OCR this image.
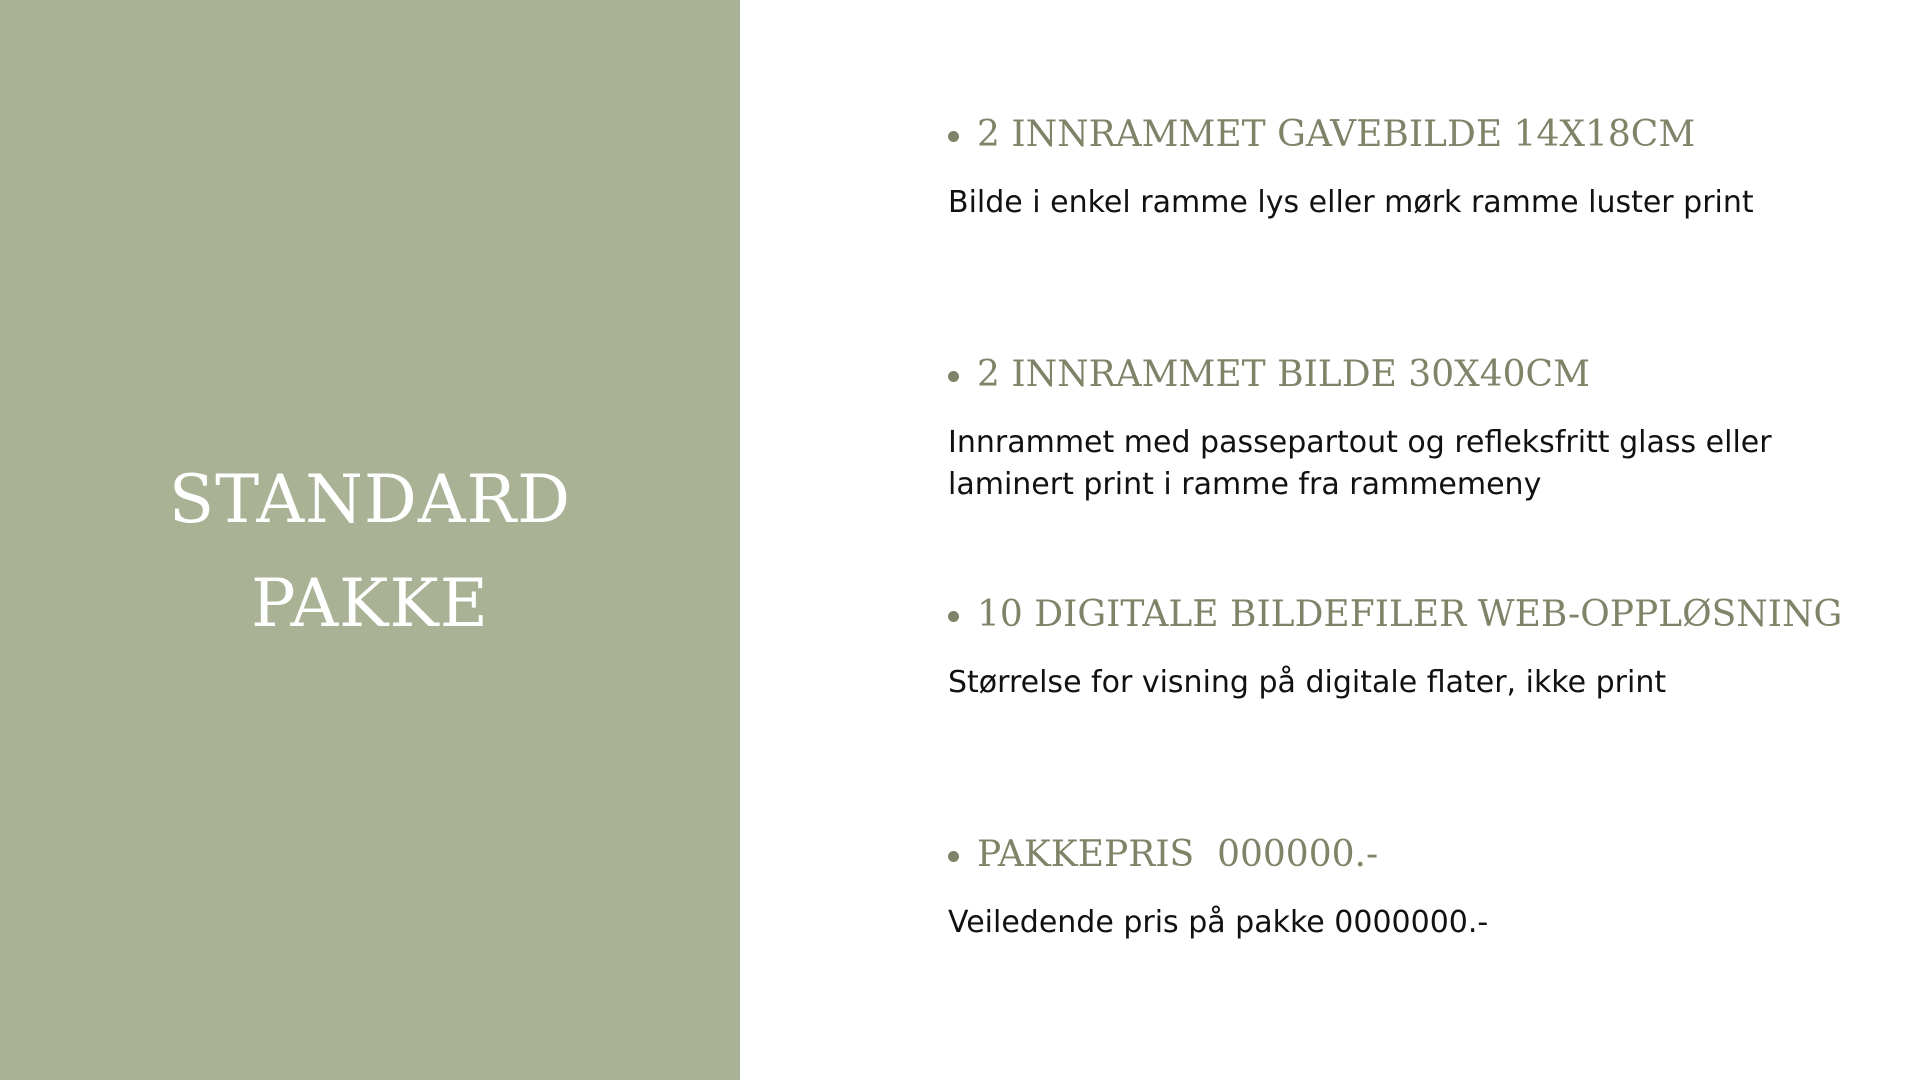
STANDARD
PAKKE
2 INNRAMMET GAVEBILDE 14X18CM
Bilde i enkel ramme lys eller mørk ramme luster print
2 INNRAMMET BILDE 30X40CM
Innrammet med passepartout og refleksfritt glass eller laminert print i ramme fra rammemeny
10 DIGITALE BILDEFILER WEB-OPPLØSNING
Størrelse for visning på digitale flater, ikke print
PAKKEPRIS  000000.-
Veiledende pris på pakke 0000000.-
